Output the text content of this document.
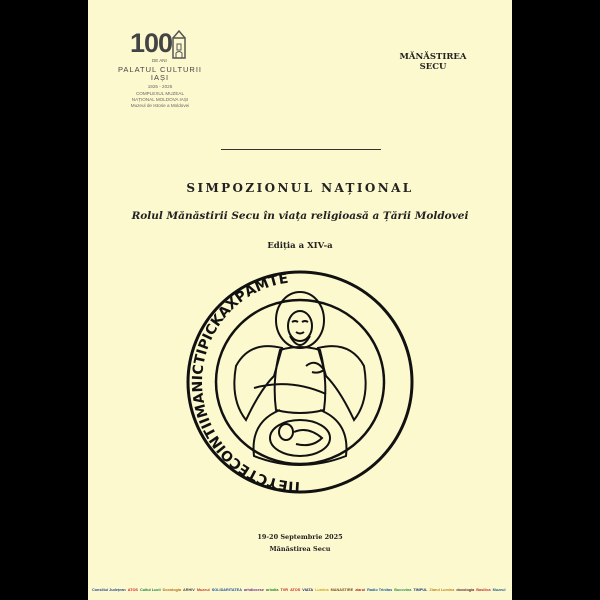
100
DE ANI
PALATUL CULTURII
IAȘI
1925 - 2025
COMPLEXUL MUZEAL
NAȚIONAL MOLDOVA IAȘI
Muzeul de Istorie a Moldovei
MĂNĂSTIREA
SECU
SIMPOZIONUL NAȚIONAL
Rolul Mănăstirii Secu în viața religioasă a Țării Moldovei
Ediția a XIV-a
ΠΕϒϹΤΕϹΟΙΝΤΙΙΜΑΝΙϹΤΙΡΙCΚΑΧΡΑΜΤΕ
19-20 Septembrie 2025
Mănăstirea Secu
Consiliul Județean ATOS Cultul Lucii Doxologia ARHIV Muzeul SOLIDARITATEA arhdiocese arlodia TVR ATOS VIATA Lumina MANASTIRE ziarul Radio Trinitas Bucovina TIMPUL Ziarul Lumina doxologia Basilica Muzeul
